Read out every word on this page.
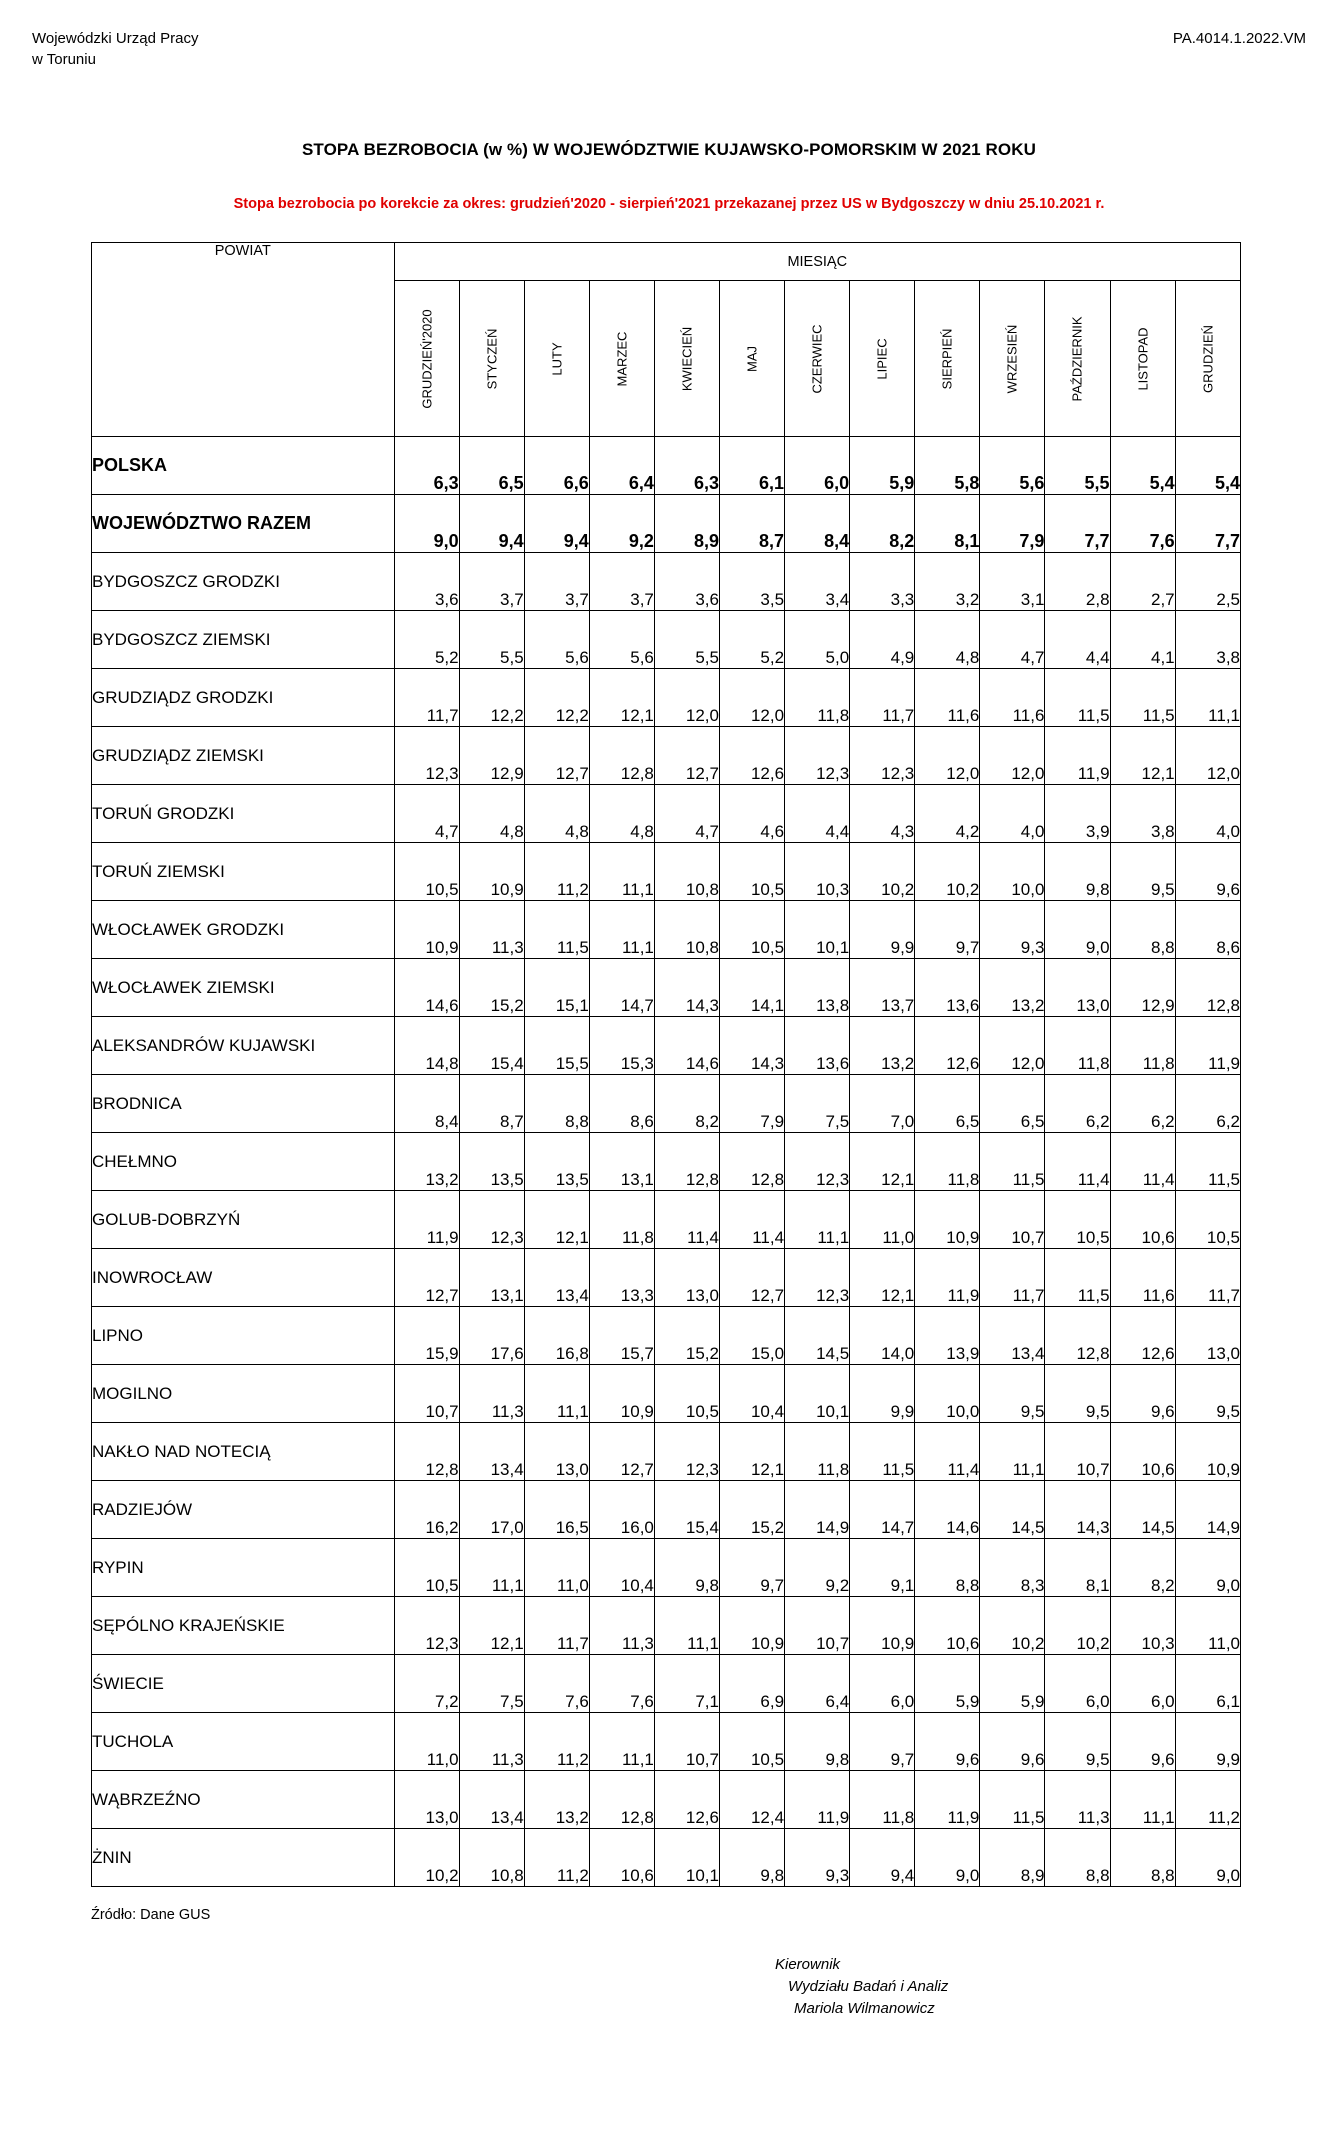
Wojewódzki Urząd Pracy
w Toruniu
PA.4014.1.2022.VM
STOPA BEZROBOCIA (w %) W WOJEWÓDZTWIE KUJAWSKO-POMORSKIM W 2021 ROKU
Stopa bezrobocia po korekcie za okres: grudzień'2020 - sierpień'2021 przekazanej przez US w Bydgoszczy w dniu 25.10.2021 r.
POWIAT	MIESIĄC												

	GRUDZIEŃ'2020	STYCZEŃ	LUTY	MARZEC	KWIECIEŃ	MAJ	CZERWIEC	LIPIEC	SIERPIEŃ	WRZESIEŃ	PAŹDZIERNIK	LISTOPAD	GRUDZIEŃ

POLSKA	6,3	6,5	6,6	6,4	6,3	6,1	6,0	5,9	5,8	5,6	5,5	5,4	5,4
WOJEWÓDZTWO RAZEM	9,0	9,4	9,4	9,2	8,9	8,7	8,4	8,2	8,1	7,9	7,7	7,6	7,7
BYDGOSZCZ GRODZKI	3,6	3,7	3,7	3,7	3,6	3,5	3,4	3,3	3,2	3,1	2,8	2,7	2,5
BYDGOSZCZ ZIEMSKI	5,2	5,5	5,6	5,6	5,5	5,2	5,0	4,9	4,8	4,7	4,4	4,1	3,8
GRUDZIĄDZ GRODZKI	11,7	12,2	12,2	12,1	12,0	12,0	11,8	11,7	11,6	11,6	11,5	11,5	11,1
GRUDZIĄDZ ZIEMSKI	12,3	12,9	12,7	12,8	12,7	12,6	12,3	12,3	12,0	12,0	11,9	12,1	12,0
TORUŃ GRODZKI	4,7	4,8	4,8	4,8	4,7	4,6	4,4	4,3	4,2	4,0	3,9	3,8	4,0
TORUŃ ZIEMSKI	10,5	10,9	11,2	11,1	10,8	10,5	10,3	10,2	10,2	10,0	9,8	9,5	9,6
WŁOCŁAWEK GRODZKI	10,9	11,3	11,5	11,1	10,8	10,5	10,1	9,9	9,7	9,3	9,0	8,8	8,6
WŁOCŁAWEK ZIEMSKI	14,6	15,2	15,1	14,7	14,3	14,1	13,8	13,7	13,6	13,2	13,0	12,9	12,8
ALEKSANDRÓW KUJAWSKI	14,8	15,4	15,5	15,3	14,6	14,3	13,6	13,2	12,6	12,0	11,8	11,8	11,9
BRODNICA	8,4	8,7	8,8	8,6	8,2	7,9	7,5	7,0	6,5	6,5	6,2	6,2	6,2
CHEŁMNO	13,2	13,5	13,5	13,1	12,8	12,8	12,3	12,1	11,8	11,5	11,4	11,4	11,5
GOLUB-DOBRZYŃ	11,9	12,3	12,1	11,8	11,4	11,4	11,1	11,0	10,9	10,7	10,5	10,6	10,5
INOWROCŁAW	12,7	13,1	13,4	13,3	13,0	12,7	12,3	12,1	11,9	11,7	11,5	11,6	11,7
LIPNO	15,9	17,6	16,8	15,7	15,2	15,0	14,5	14,0	13,9	13,4	12,8	12,6	13,0
MOGILNO	10,7	11,3	11,1	10,9	10,5	10,4	10,1	9,9	10,0	9,5	9,5	9,6	9,5
NAKŁO NAD NOTECIĄ	12,8	13,4	13,0	12,7	12,3	12,1	11,8	11,5	11,4	11,1	10,7	10,6	10,9
RADZIEJÓW	16,2	17,0	16,5	16,0	15,4	15,2	14,9	14,7	14,6	14,5	14,3	14,5	14,9
RYPIN	10,5	11,1	11,0	10,4	9,8	9,7	9,2	9,1	8,8	8,3	8,1	8,2	9,0
SĘPÓLNO KRAJEŃSKIE	12,3	12,1	11,7	11,3	11,1	10,9	10,7	10,9	10,6	10,2	10,2	10,3	11,0
ŚWIECIE	7,2	7,5	7,6	7,6	7,1	6,9	6,4	6,0	5,9	5,9	6,0	6,0	6,1
TUCHOLA	11,0	11,3	11,2	11,1	10,7	10,5	9,8	9,7	9,6	9,6	9,5	9,6	9,9
WĄBRZEŹNO	13,0	13,4	13,2	12,8	12,6	12,4	11,9	11,8	11,9	11,5	11,3	11,1	11,2
ŻNIN	10,2	10,8	11,2	10,6	10,1	9,8	9,3	9,4	9,0	8,9	8,8	8,8	9,0
Źródło: Dane GUS
Kierownik
Wydziału Badań i Analiz
Mariola Wilmanowicz
